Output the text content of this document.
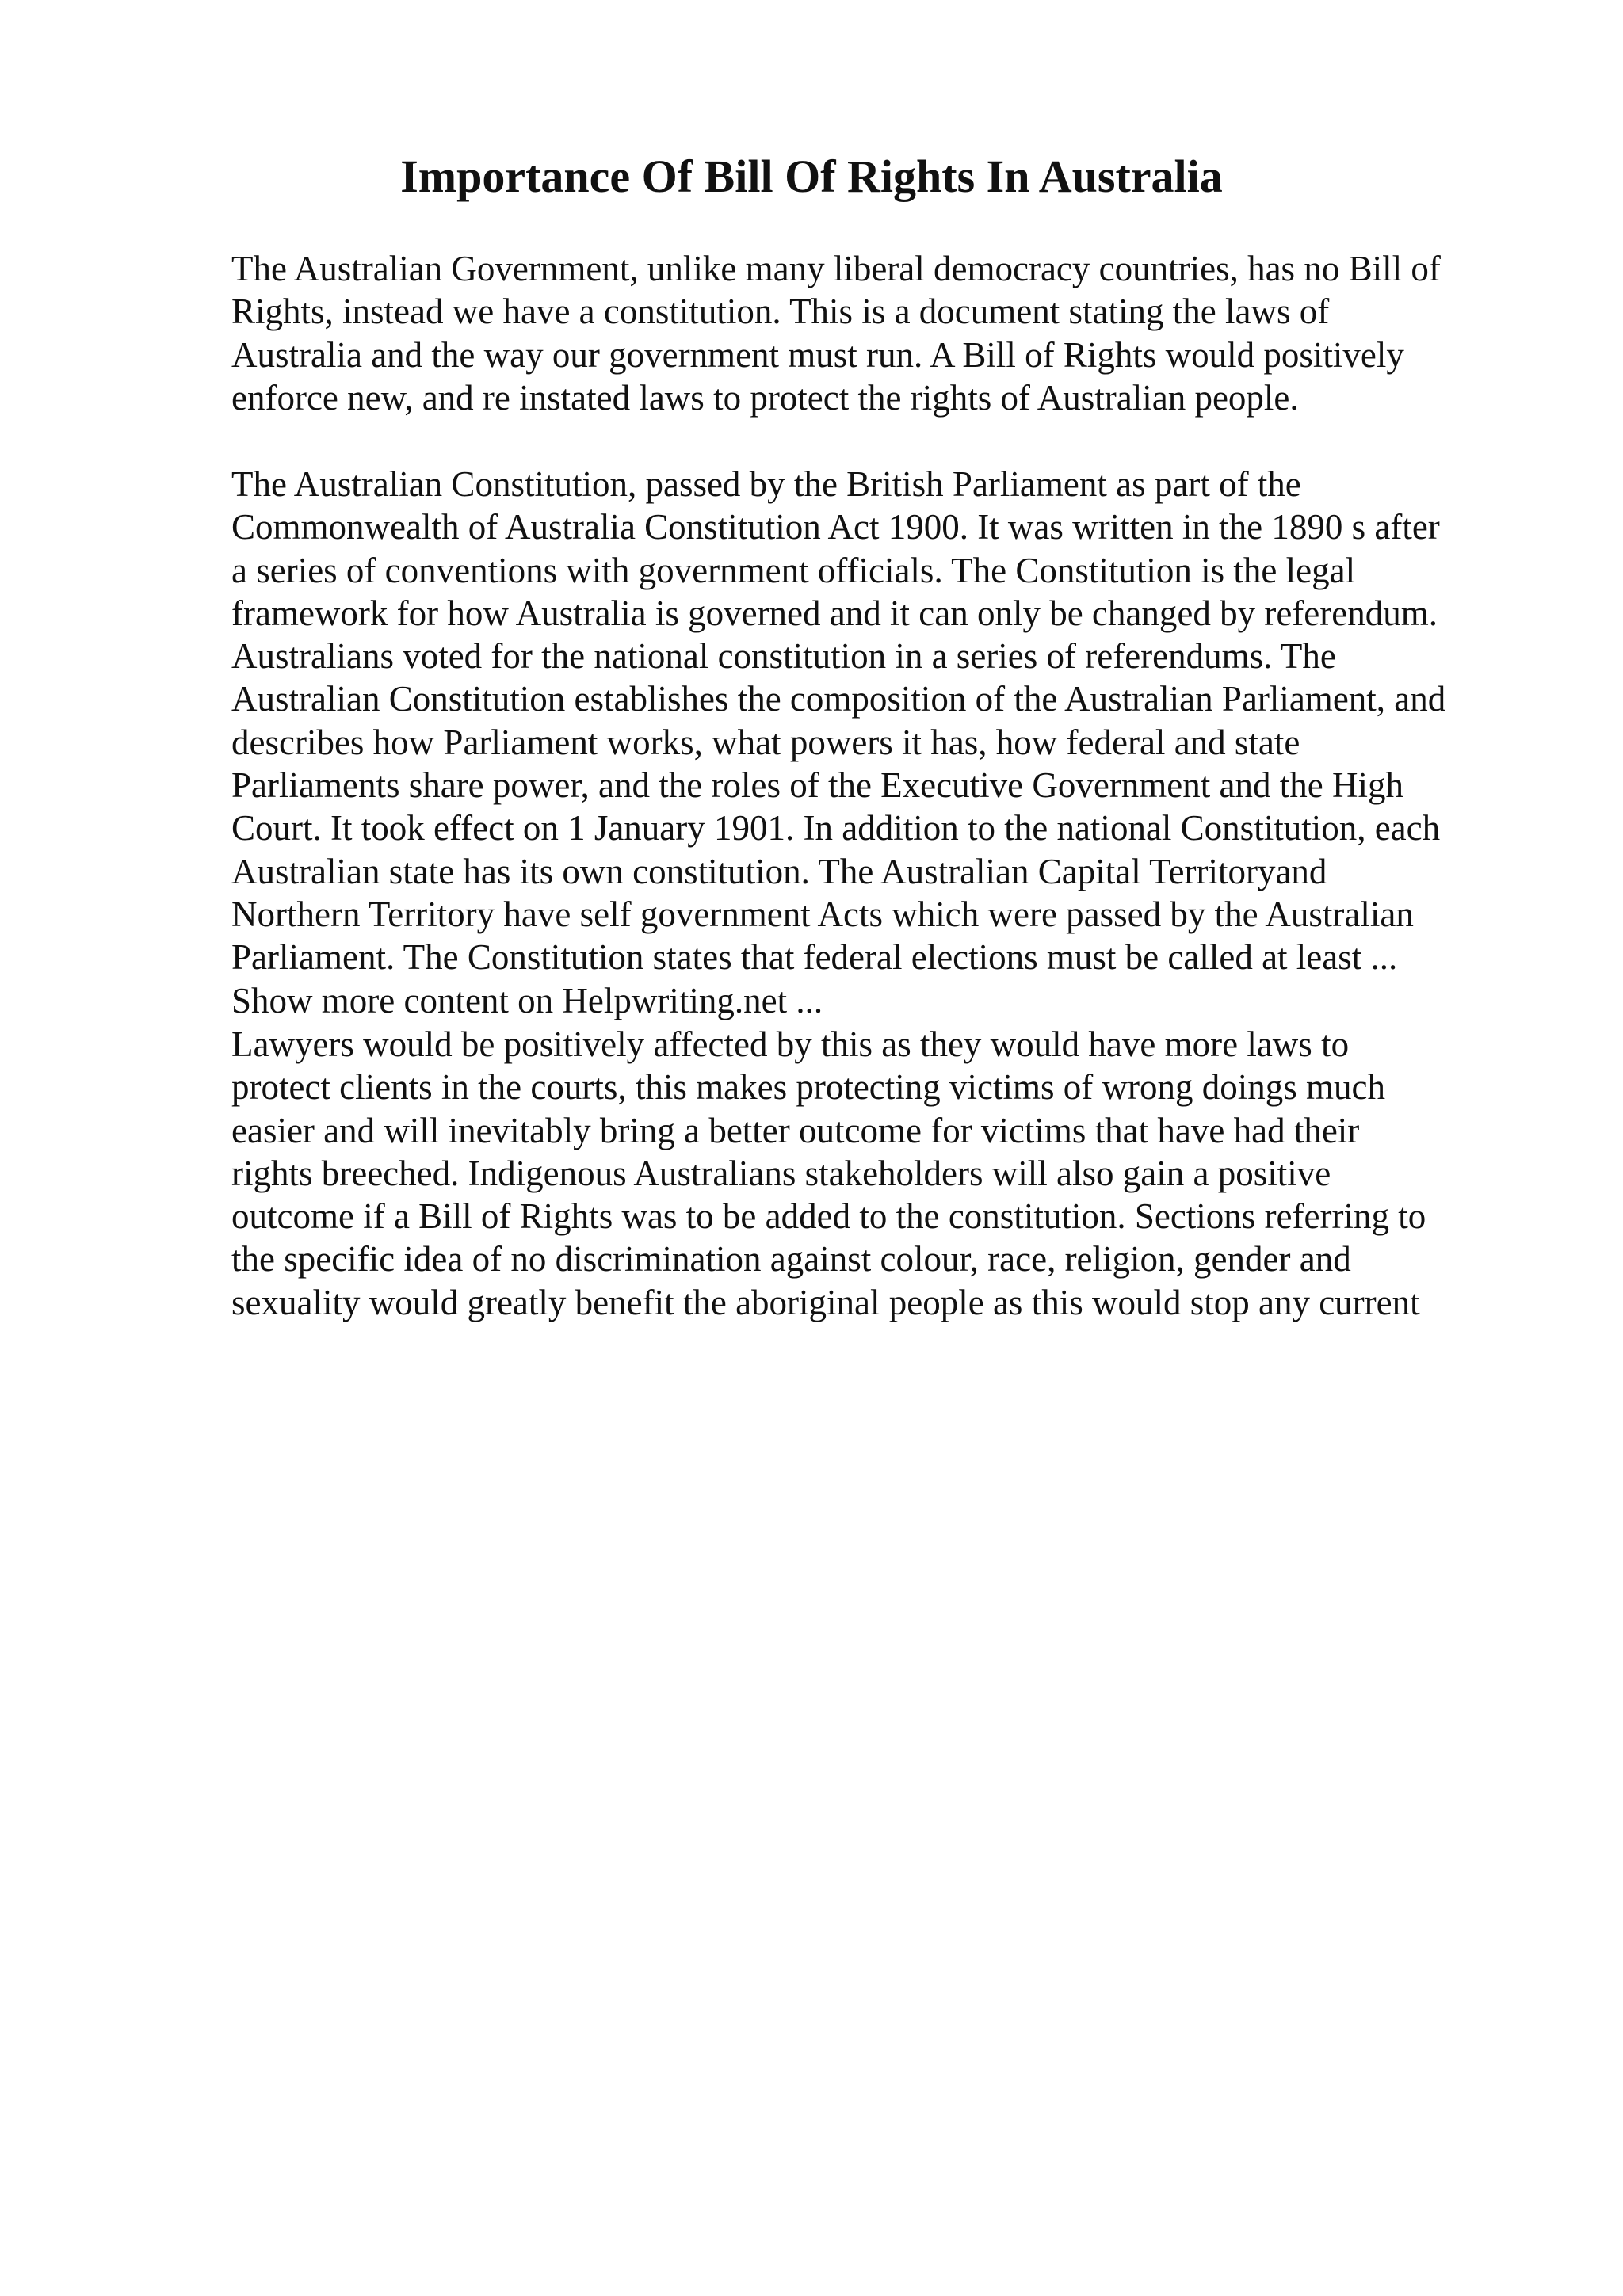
Importance Of Bill Of Rights In Australia

The Australian Government, unlike many liberal democracy countries, has no Bill of
Rights, instead we have a constitution. This is a document stating the laws of
Australia and the way our government must run. A Bill of Rights would positively
enforce new, and re instated laws to protect the rights of Australian people.

The Australian Constitution, passed by the British Parliament as part of the
Commonwealth of Australia Constitution Act 1900. It was written in the 1890 s after
a series of conventions with government officials. The Constitution is the legal
framework for how Australia is governed and it can only be changed by referendum.
Australians voted for the national constitution in a series of referendums. The
Australian Constitution establishes the composition of the Australian Parliament, and
describes how Parliament works, what powers it has, how federal and state
Parliaments share power, and the roles of the Executive Government and the High
Court. It took effect on 1 January 1901. In addition to the national Constitution, each
Australian state has its own constitution. The Australian Capital Territoryand
Northern Territory have self government Acts which were passed by the Australian
Parliament. The Constitution states that federal elections must be called at least ...
Show more content on Helpwriting.net ...

Lawyers would be positively affected by this as they would have more laws to
protect clients in the courts, this makes protecting victims of wrong doings much
easier and will inevitably bring a better outcome for victims that have had their
rights breeched. Indigenous Australians stakeholders will also gain a positive
outcome if a Bill of Rights was to be added to the constitution. Sections referring to
the specific idea of no discrimination against colour, race, religion, gender and
sexuality would greatly benefit the aboriginal people as this would stop any current
